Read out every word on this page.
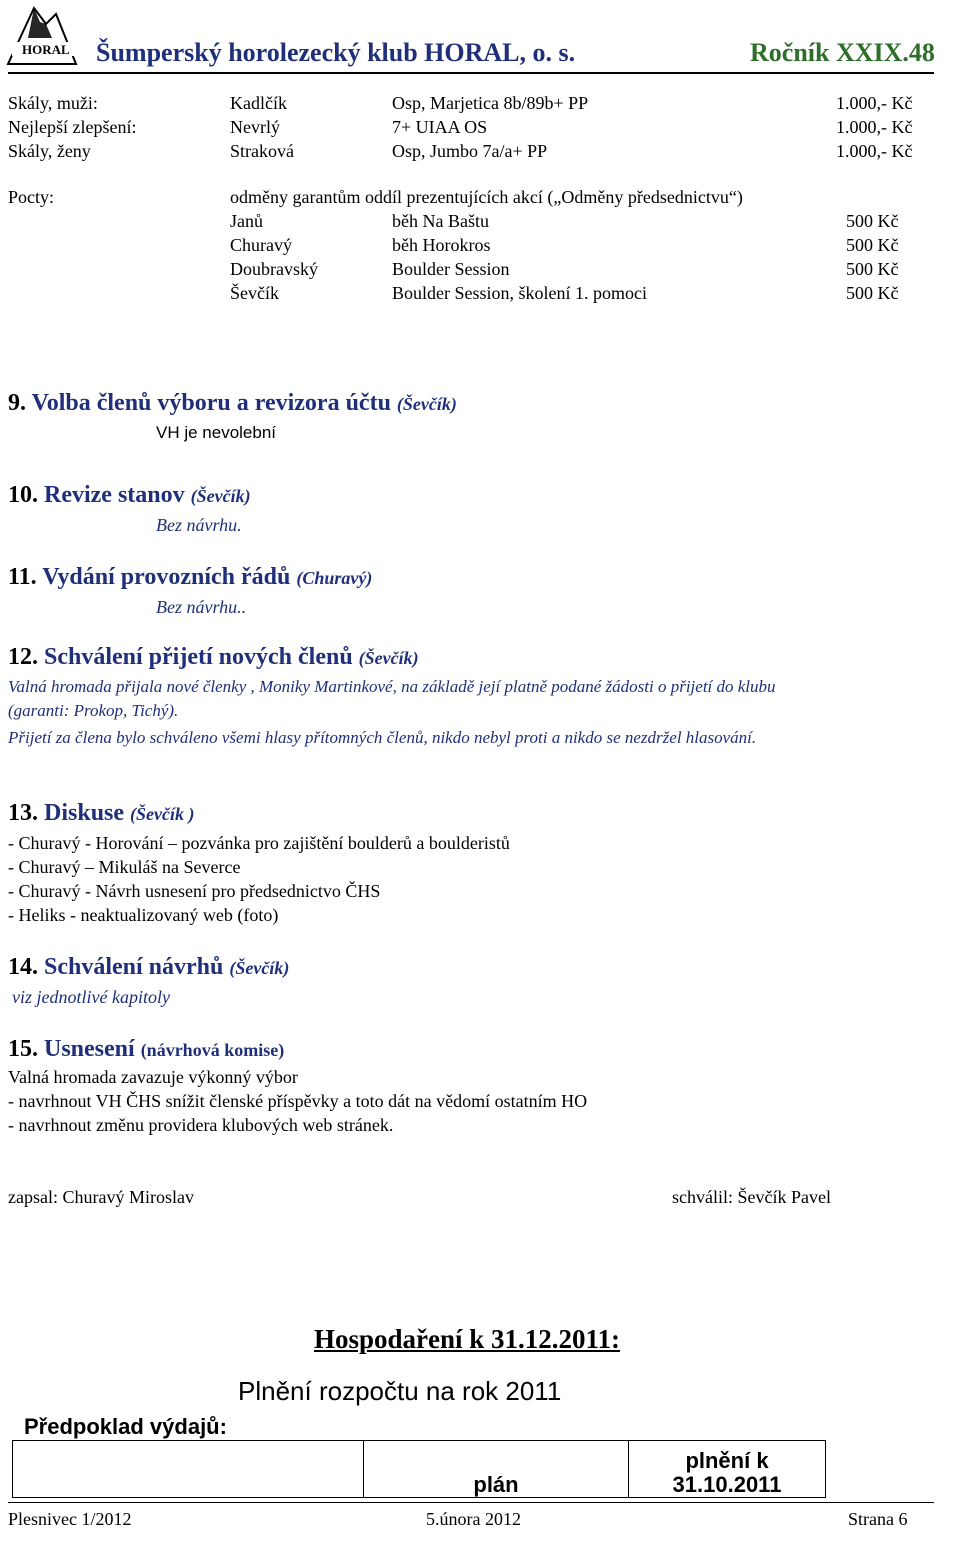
HORAL Šumperský horolezecký klub HORAL, o. s.	Ročník XXIX.48
Skály, muži:	Kadlčík	Osp, Marjetica 8b/89b+ PP	1.000,- Kč
Nejlepší zlepšení:	Nevrlý	7+ UIAA OS	1.000,- Kč
Skály, ženy	Straková	Osp, Jumbo 7a/a+ PP	1.000,- Kč
Pocty:	odměny garantům oddíl prezentujících akcí („Odměny předsednictvu“)
Janů	běh Na Baštu	500 Kč
Churavý	běh Horokros	500 Kč
Doubravský	Boulder Session	500 Kč
Ševčík	Boulder Session, školení 1. pomoci	500 Kč
9. Volba členů výboru a revizora účtu (Ševčík)
VH je nevolební
10. Revize stanov (Ševčík)
Bez návrhu.
11. Vydání provozních řádů (Churavý)
Bez návrhu..
12. Schválení přijetí nových členů (Ševčík)
Valná hromada přijala nové členky , Moniky Martinkové, na základě její platně podané žádosti o přijetí do klubu
(garanti: Prokop, Tichý).
Přijetí za člena bylo schváleno všemi hlasy přítomných členů, nikdo nebyl proti a nikdo se nezdržel hlasování.
13. Diskuse (Ševčík )
- Churavý - Horování – pozvánka pro zajištění boulderů a boulderistů
- Churavý – Mikuláš na Severce
- Churavý - Návrh usnesení pro předsednictvo ČHS
- Heliks - neaktualizovaný web (foto)
14. Schválení návrhů (Ševčík)
viz jednotlivé kapitoly
15. Usnesení (návrhová komise)
Valná hromada zavazuje výkonný výbor
- navrhnout VH ČHS snížit členské příspěvky a toto dát na vědomí ostatním HO
- navrhnout změnu providera klubových web stránek.
zapsal: Churavý Miroslav	schválil: Ševčík Pavel
Hospodaření k 31.12.2011:
Plnění rozpočtu na rok 2011
Předpoklad výdajů:
	plán	plnění k
31.10.2011
Plesnivec 1/2012	5.února 2012	Strana 6
